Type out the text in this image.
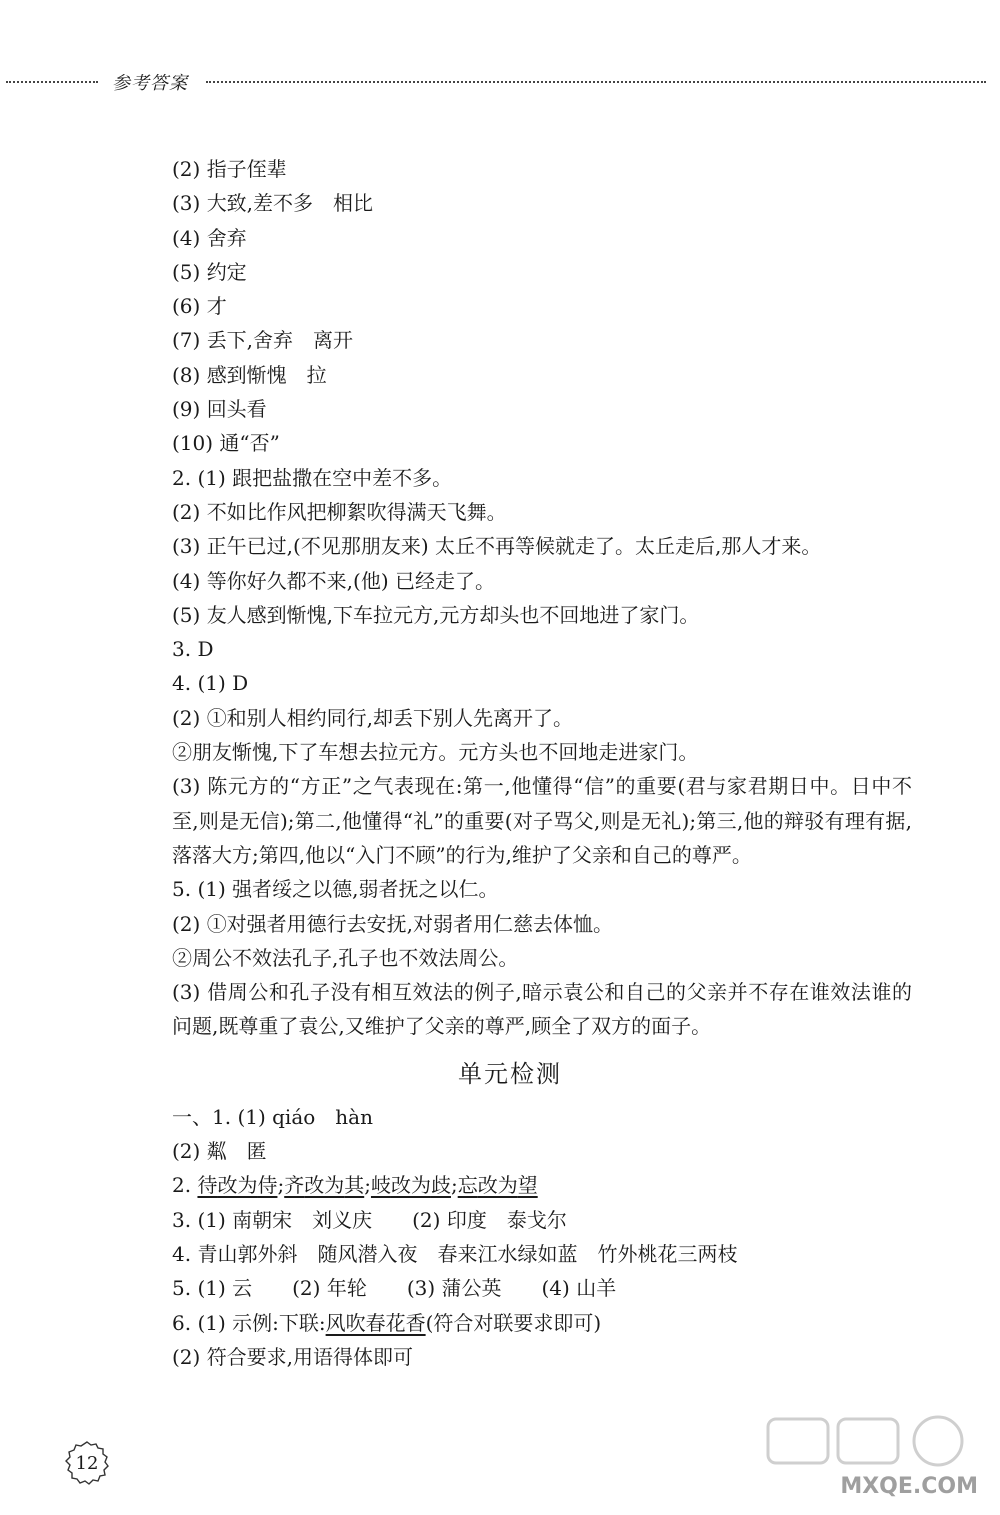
参考答案
(2) 指子侄辈
(3) 大致,差不多　相比
(4) 舍弃
(5) 约定
(6) 才
(7) 丢下,舍弃　离开
(8) 感到惭愧　拉
(9) 回头看
(10) 通“否”
2. (1) 跟把盐撒在空中差不多。
(2) 不如比作风把柳絮吹得满天飞舞。
(3) 正午已过,(不见那朋友来) 太丘不再等候就走了。太丘走后,那人才来。
(4) 等你好久都不来,(他) 已经走了。
(5) 友人感到惭愧,下车拉元方,元方却头也不回地进了家门。
3. D
4. (1) D
(2) ①和别人相约同行,却丢下别人先离开了。
②朋友惭愧,下了车想去拉元方。元方头也不回地走进家门。
(3) 陈元方的“方正”之气表现在:第一,他懂得“信”的重要(君与家君期日中。日中不至,则是无信);第二,他懂得“礼”的重要(对子骂父,则是无礼);第三,他的辩驳有理有据,落落大方;第四,他以“入门不顾”的行为,维护了父亲和自己的尊严。
5. (1) 强者绥之以德,弱者抚之以仁。
(2) ①对强者用德行去安抚,对弱者用仁慈去体恤。
②周公不效法孔子,孔子也不效法周公。
(3) 借周公和孔子没有相互效法的例子,暗示袁公和自己的父亲并不存在谁效法谁的问题,既尊重了袁公,又维护了父亲的尊严,顾全了双方的面子。
单元检测
一、1. (1) qiáo　hàn
(2) 粼　匿
2. 待改为侍;齐改为其;岐改为歧;忘改为望
3. (1) 南朝宋　刘义庆　　(2) 印度　泰戈尔
4. 青山郭外斜　随风潜入夜　春来江水绿如蓝　竹外桃花三两枝
5. (1) 云　　(2) 年轮　　(3) 蒲公英　　(4) 山羊
6. (1) 示例:下联:风吹春花香(符合对联要求即可)
(2) 符合要求,用语得体即可
12
MXQE.COM
